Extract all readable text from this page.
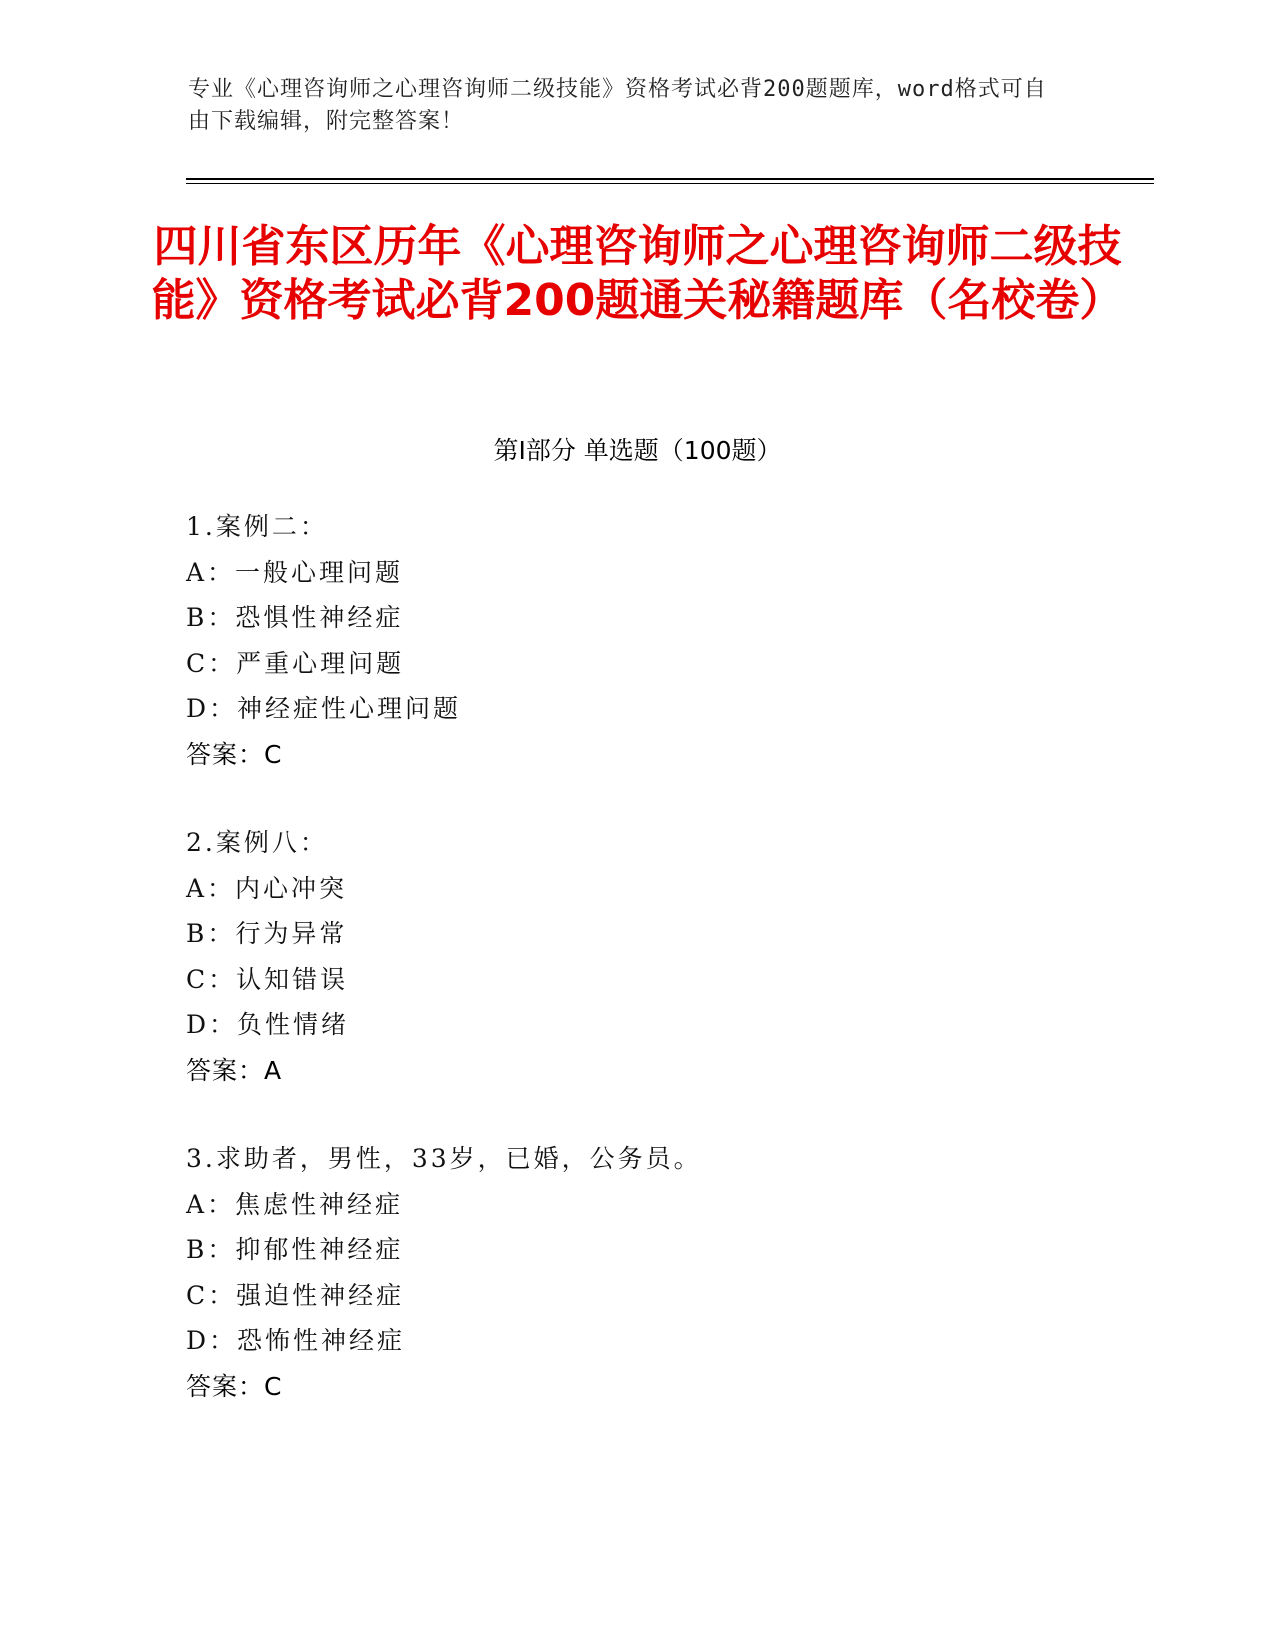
专业《心理咨询师之心理咨询师二级技能》资格考试必背200题题库，word格式可自由下载编辑，附完整答案！
四川省东区历年《心理咨询师之心理咨询师二级技能》资格考试必背200题通关秘籍题库（名校卷）
第Ⅰ部分 单选题（100题）
1.案例二：
A：一般心理问题
B：恐惧性神经症
C：严重心理问题
D：神经症性心理问题
答案：C
2.案例八：
A：内心冲突
B：行为异常
C：认知错误
D：负性情绪
答案：A
3.求助者，男性，33岁，已婚，公务员。
A：焦虑性神经症
B：抑郁性神经症
C：强迫性神经症
D：恐怖性神经症
答案：C
